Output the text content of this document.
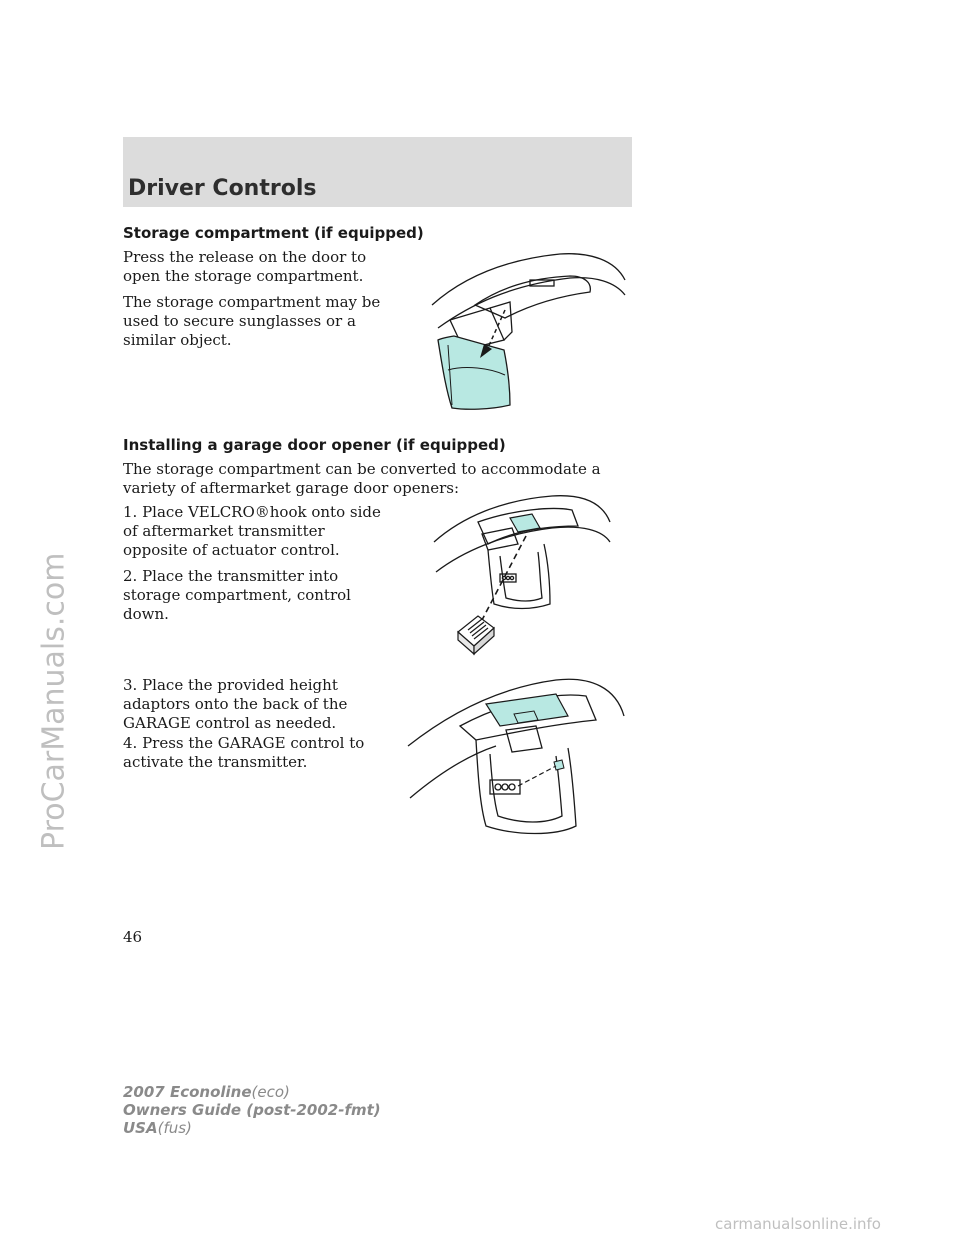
Driver Controls
Storage compartment (if equipped)

Press the release on the door to open the storage compartment.

The storage compartment may be used to secure sunglasses or a similar object.

Installing a garage door opener (if equipped)

The storage compartment can be converted to accommodate a variety of aftermarket garage door openers:

1. Place VELCRO®hook onto side of aftermarket transmitter opposite of actuator control.

2. Place the transmitter into storage compartment, control down.

3. Place the provided height adaptors onto the back of the GARAGE control as needed.

4. Press the GARAGE control to activate the transmitter.

46
2007 Econoline(eco)
Owners Guide (post-2002-fmt)
USA(fus)
ProCarManuals.com
carmanualsonline.info
